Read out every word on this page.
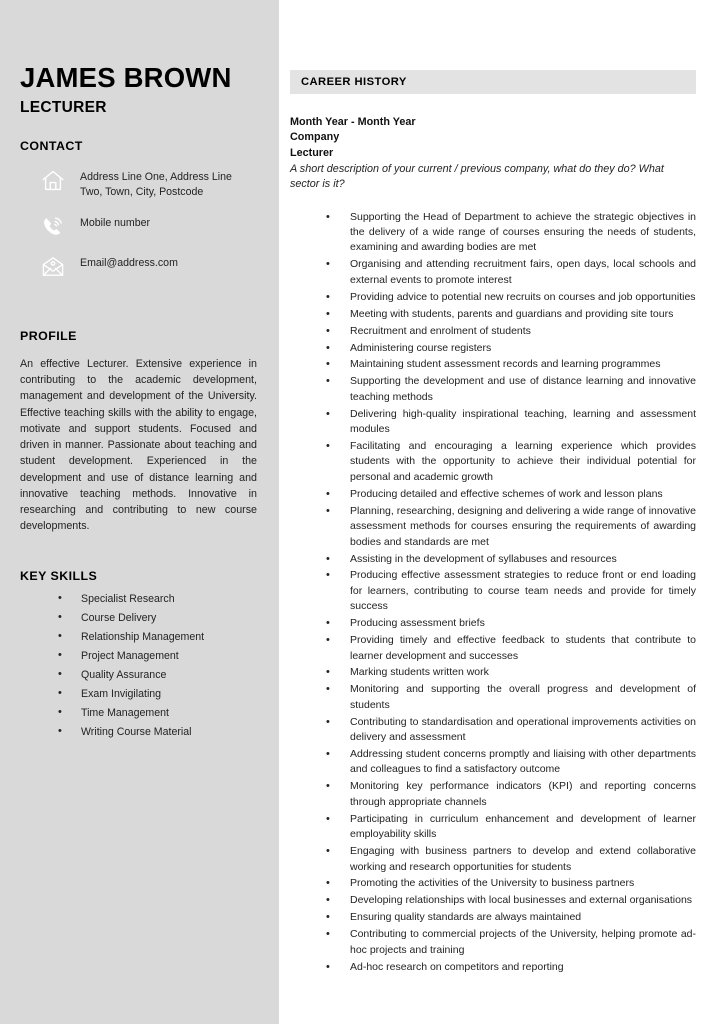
JAMES BROWN
LECTURER
CONTACT
Address Line One, Address Line Two, Town, City, Postcode
Mobile number
Email@address.com
PROFILE

An effective Lecturer. Extensive experience in contributing to the academic development, management and development of the University. Effective teaching skills with the ability to engage, motivate and support students. Focused and driven in manner. Passionate about teaching and student development. Experienced in the development and use of distance learning and innovative teaching methods. Innovative in researching and contributing to new course developments.

KEY SKILLS
• Specialist Research
• Course Delivery
• Relationship Management
• Project Management
• Quality Assurance
• Exam Invigilating
• Time Management
• Writing Course Material
CAREER HISTORY
Month Year - Month Year
Company
Lecturer
A short description of your current / previous company, what do they do? What sector is it?
• Supporting the Head of Department to achieve the strategic objectives in the delivery of a wide range of courses ensuring the needs of students, examining and awarding bodies are met
• Organising and attending recruitment fairs, open days, local schools and external events to promote interest
• Providing advice to potential new recruits on courses and job opportunities
• Meeting with students, parents and guardians and providing site tours
• Recruitment and enrolment of students
• Administering course registers
• Maintaining student assessment records and learning programmes
• Supporting the development and use of distance learning and innovative teaching methods
• Delivering high-quality inspirational teaching, learning and assessment modules
• Facilitating and encouraging a learning experience which provides students with the opportunity to achieve their individual potential for personal and academic growth
• Producing detailed and effective schemes of work and lesson plans
• Planning, researching, designing and delivering a wide range of innovative assessment methods for courses ensuring the requirements of awarding bodies and standards are met
• Assisting in the development of syllabuses and resources
• Producing effective assessment strategies to reduce front or end loading for learners, contributing to course team needs and provide for timely success
• Producing assessment briefs
• Providing timely and effective feedback to students that contribute to learner development and successes
• Marking students written work
• Monitoring and supporting the overall progress and development of students
• Contributing to standardisation and operational improvements activities on delivery and assessment
• Addressing student concerns promptly and liaising with other departments and colleagues to find a satisfactory outcome
• Monitoring key performance indicators (KPI) and reporting concerns through appropriate channels
• Participating in curriculum enhancement and development of learner employability skills
• Engaging with business partners to develop and extend collaborative working and research opportunities for students
• Promoting the activities of the University to business partners
• Developing relationships with local businesses and external organisations
• Ensuring quality standards are always maintained
• Contributing to commercial projects of the University, helping promote ad-hoc projects and training
• Ad-hoc research on competitors and reporting
